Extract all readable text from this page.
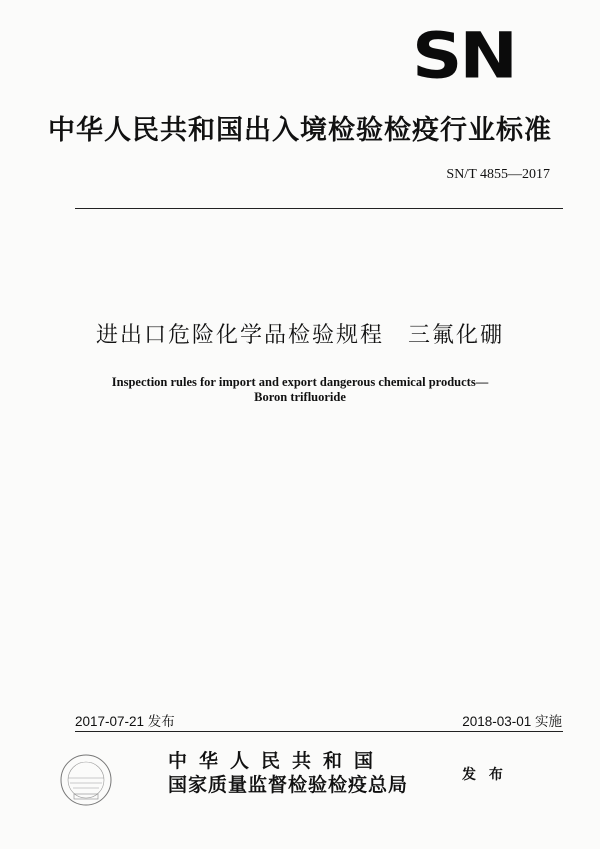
SN
中华人民共和国出入境检验检疫行业标准
SN/T 4855—2017
进出口危险化学品检验规程　三氟化硼
Inspection rules for import and export dangerous chemical products—
Boron trifluoride
2017-07-21 发布	2018-03-01 实施
中华人民共和国
国家质量监督检验检疫总局	发 布
